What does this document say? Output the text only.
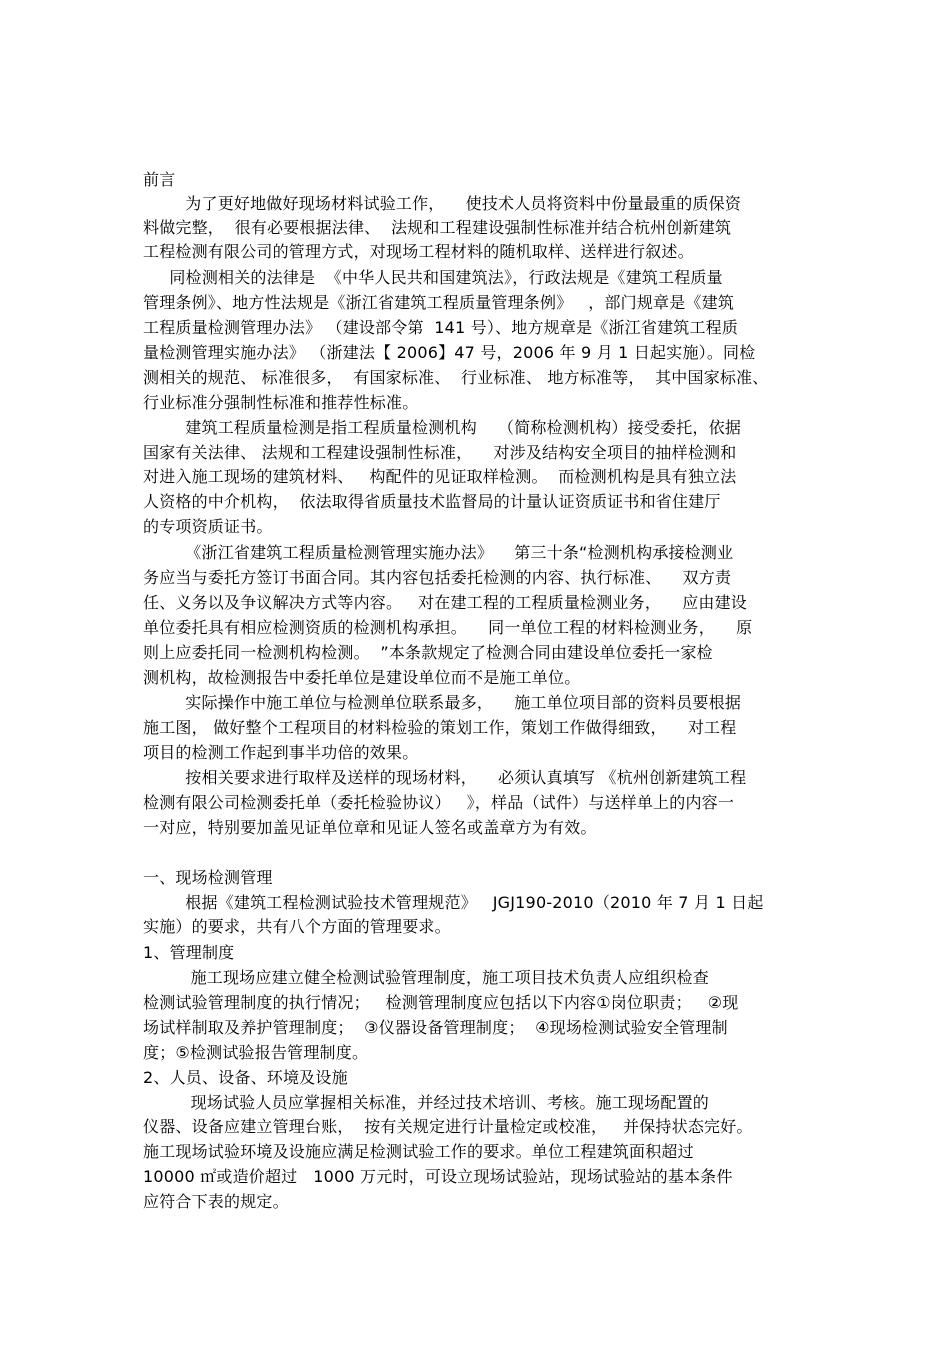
前言
为了更好地做好现场材料试验工作，    使技术人员将资料中份量最重的质保资
料做完整，  很有必要根据法律、  法规和工程建设强制性标准并结合杭州创新建筑
工程检测有限公司的管理方式，对现场工程材料的随机取样、送样进行叙述。
同检测相关的法律是  《中华人民共和国建筑法》，行政法规是《建筑工程质量
管理条例》、地方性法规是《浙江省建筑工程质量管理条例》   ，部门规章是《建筑
工程质量检测管理办法》 （建设部令第  141 号）、地方规章是《浙江省建筑工程质
量检测管理实施办法》 （浙建法【 2006】47 号，2006 年 9 月 1 日起实施）。同检
测相关的规范、 标准很多，  有国家标准、  行业标准、 地方标准等，  其中国家标准、
行业标准分强制性标准和推荐性标准。
建筑工程质量检测是指工程质量检测机构    （简称检测机构）接受委托，依据
国家有关法律、 法规和工程建设强制性标准，    对涉及结构安全项目的抽样检测和
对进入施工现场的建筑材料、   构配件的见证取样检测。  而检测机构是具有独立法
人资格的中介机构，  依法取得省质量技术监督局的计量认证资质证书和省住建厅
的专项资质证书。
《浙江省建筑工程质量检测管理实施办法》    第三十条“检测机构承接检测业
务应当与委托方签订书面合同。其内容包括委托检测的内容、执行标准、    双方责
任、义务以及争议解决方式等内容。   对在建工程的工程质量检测业务，    应由建设
单位委托具有相应检测资质的检测机构承担。    同一单位工程的材料检测业务，    原
则上应委托同一检测机构检测。  ”本条款规定了检测合同由建设单位委托一家检
测机构，故检测报告中委托单位是建设单位而不是施工单位。
实际操作中施工单位与检测单位联系最多，    施工单位项目部的资料员要根据
施工图， 做好整个工程项目的材料检验的策划工作，策划工作做得细致，    对工程
项目的检测工作起到事半功倍的效果。
按相关要求进行取样及送样的现场材料，    必须认真填写 《杭州创新建筑工程
检测有限公司检测委托单（委托检验协议）   》，样品（试件）与送样单上的内容一
一对应，特别要加盖见证单位章和见证人签名或盖章方为有效。
一、现场检测管理
根据《建筑工程检测试验技术管理规范》   JGJ190-2010（2010 年 7 月 1 日起
实施）的要求，共有八个方面的管理要求。
1、管理制度
施工现场应建立健全检测试验管理制度，施工项目技术负责人应组织检查
检测试验管理制度的执行情况；   检测管理制度应包括以下内容①岗位职责；   ②现
场试样制取及养护管理制度；  ③仪器设备管理制度；  ④现场检测试验安全管理制
度；⑤检测试验报告管理制度。
2、人员、设备、环境及设施
现场试验人员应掌握相关标准，并经过技术培训、考核。施工现场配置的
仪器、设备应建立管理台账，  按有关规定进行计量检定或校准，   并保持状态完好。
施工现场试验环境及设施应满足检测试验工作的要求。单位工程建筑面积超过
10000 ㎡或造价超过   1000 万元时，可设立现场试验站，现场试验站的基本条件
应符合下表的规定。
